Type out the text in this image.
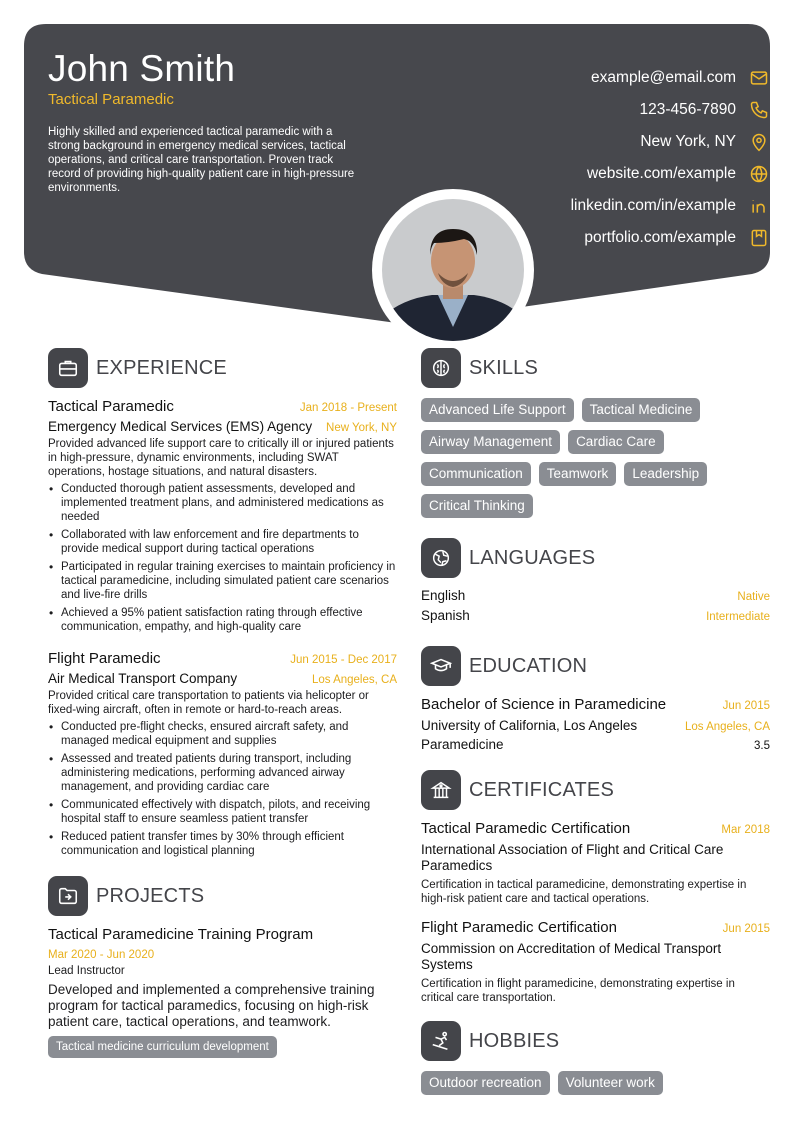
John Smith
Tactical Paramedic
Highly skilled and experienced tactical paramedic with a strong background in emergency medical services, tactical operations, and critical care transportation. Proven track record of providing high-quality patient care in high-pressure environments.
example@email.com
123-456-7890
New York, NY
website.com/example
linkedin.com/in/example
portfolio.com/example
EXPERIENCE
Tactical Paramedic	Jan 2018 - Present
Emergency Medical Services (EMS) Agency New York, NY
Provided advanced life support care to critically ill or injured patients in high-pressure, dynamic environments, including SWAT operations, hostage situations, and natural disasters.
• Conducted thorough patient assessments, developed and implemented treatment plans, and administered medications as needed
• Collaborated with law enforcement and fire departments to provide medical support during tactical operations
• Participated in regular training exercises to maintain proficiency in tactical paramedicine, including simulated patient care scenarios and live-fire drills
• Achieved a 95% patient satisfaction rating through effective communication, empathy, and high-quality care
Flight Paramedic	Jun 2015 - Dec 2017
Air Medical Transport Company	Los Angeles, CA
Provided critical care transportation to patients via helicopter or fixed-wing aircraft, often in remote or hard-to-reach areas.
• Conducted pre-flight checks, ensured aircraft safety, and managed medical equipment and supplies
• Assessed and treated patients during transport, including administering medications, performing advanced airway management, and providing cardiac care
• Communicated effectively with dispatch, pilots, and receiving hospital staff to ensure seamless patient transfer
• Reduced patient transfer times by 30% through efficient communication and logistical planning
PROJECTS
Tactical Paramedicine Training Program
Mar 2020 - Jun 2020
Lead Instructor
Developed and implemented a comprehensive training program for tactical paramedics, focusing on high-risk patient care, tactical operations, and teamwork.
Tactical medicine curriculum development
SKILLS
Advanced Life Support	Tactical Medicine
Airway Management	Cardiac Care
Communication	Teamwork	Leadership
Critical Thinking
LANGUAGES
English	Native
Spanish	Intermediate
EDUCATION
Bachelor of Science in Paramedicine	Jun 2015
University of California, Los Angeles	Los Angeles, CA
Paramedicine	3.5
CERTIFICATES
Tactical Paramedic Certification	Mar 2018
International Association of Flight and Critical Care Paramedics
Certification in tactical paramedicine, demonstrating expertise in high-risk patient care and tactical operations.
Flight Paramedic Certification	Jun 2015
Commission on Accreditation of Medical Transport Systems
Certification in flight paramedicine, demonstrating expertise in critical care transportation.
HOBBIES
Outdoor recreation	Volunteer work
